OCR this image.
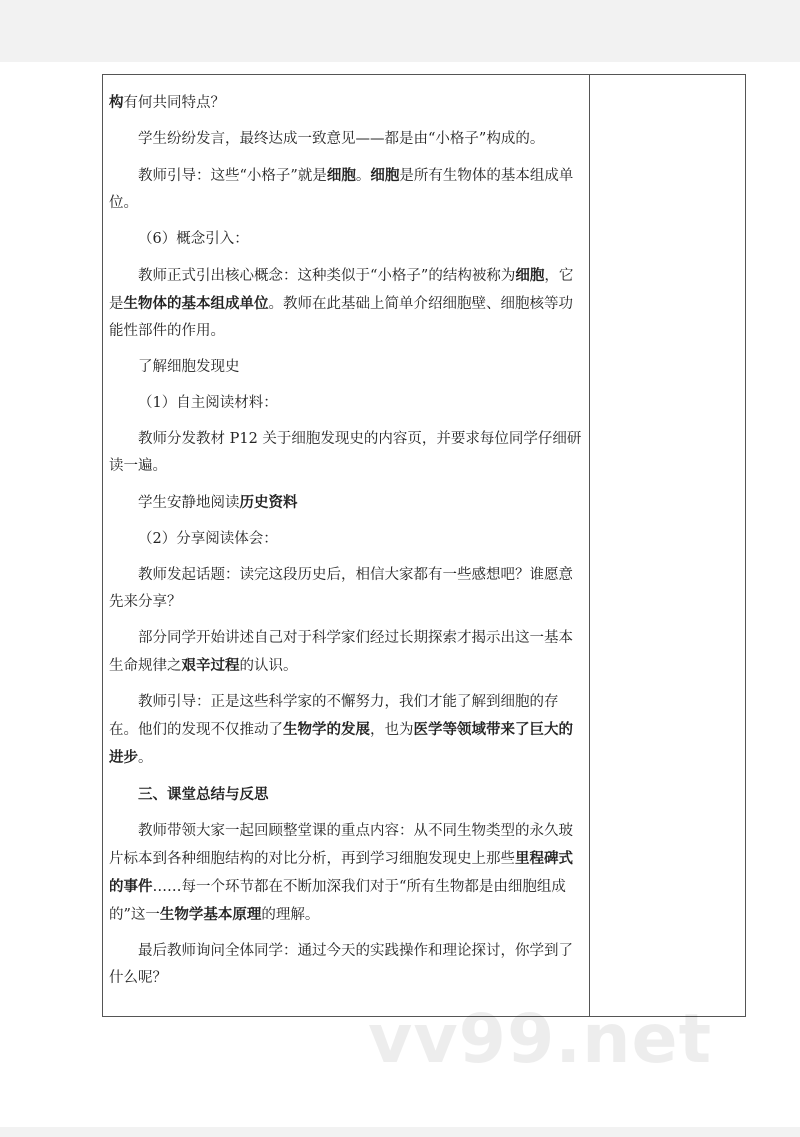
构有何共同特点？

学生纷纷发言，最终达成一致意见——都是由“小格子”构成的。

教师引导：这些“小格子”就是细胞。细胞是所有生物体的基本组成单位。

（6）概念引入：

教师正式引出核心概念：这种类似于“小格子”的结构被称为细胞，它是生物体的基本组成单位。教师在此基础上简单介绍细胞壁、细胞核等功能性部件的作用。

了解细胞发现史

（1）自主阅读材料：

教师分发教材 P12 关于细胞发现史的内容页，并要求每位同学仔细研读一遍。

学生安静地阅读历史资料

（2）分享阅读体会：

教师发起话题：读完这段历史后，相信大家都有一些感想吧？谁愿意先来分享？

部分同学开始讲述自己对于科学家们经过长期探索才揭示出这一基本生命规律之艰辛过程的认识。

教师引导：正是这些科学家的不懈努力，我们才能了解到细胞的存在。他们的发现不仅推动了生物学的发展，也为医学等领域带来了巨大的进步。

三、课堂总结与反思

教师带领大家一起回顾整堂课的重点内容：从不同生物类型的永久玻片标本到各种细胞结构的对比分析，再到学习细胞发现史上那些里程碑式的事件……每一个环节都在不断加深我们对于“所有生物都是由细胞组成的”这一生物学基本原理的理解。

最后教师询问全体同学：通过今天的实践操作和理论探讨，你学到了什么呢？

vv99.net
